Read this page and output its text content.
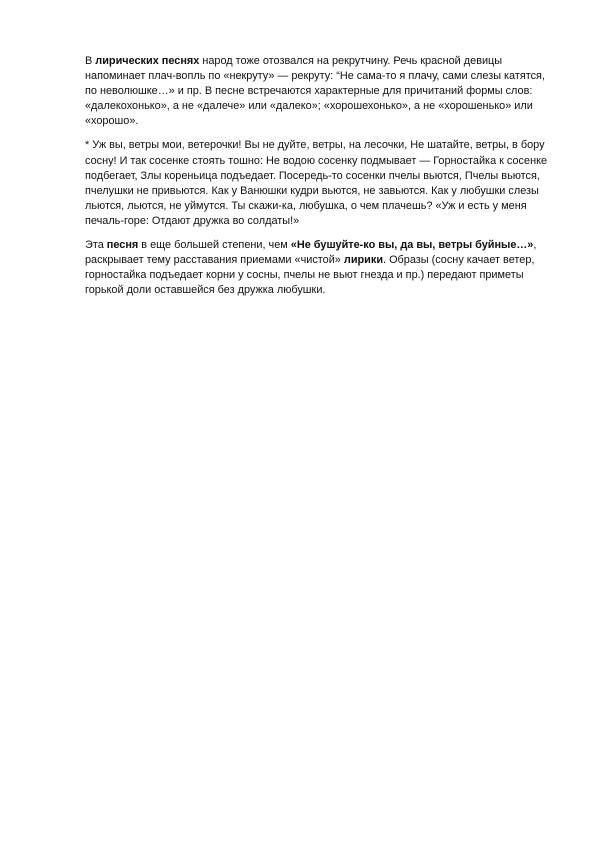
В лирических песнях народ тоже отозвался на рекрутчину. Речь красной девицы напоминает плач-вопль по «некруту» — рекруту: “Не сама-то я плачу, сами слезы катятся, по неволюшке…» и пр. В песне встречаются характерные для причитаний формы слов: «далекохонько», а не «далече» или «далеко»; «хорошехонько», а не «хорошенько» или «хорошо».

* Уж вы, ветры мои, ветерочки! Вы не дуйте, ветры, на лесочки, Не шатайте, ветры, в бору сосну! И так сосенке стоять тошно: Не водою сосенку подмывает — Горностайка к сосенке подбегает, Злы кореньица подъедает. Посередь-то сосенки пчелы вьются, Пчелы вьются, пчелушки не привьются. Как у Ванюшки кудри вьются, не завьются. Как у любушки слезы льются, льются, не уймутся. Ты скажи-ка, любушка, о чем плачешь? «Уж и есть у меня печаль-горе: Отдают дружка во солдаты!»

Эта песня в еще большей степени, чем «Не бушуйте-ко вы, да вы, ветры буйные…», раскрывает тему расставания приемами «чистой» лирики. Образы (сосну качает ветер, горностайка подъедает корни у сосны, пчелы не вьют гнезда и пр.) передают приметы горькой доли оставшейся без дружка любушки.
